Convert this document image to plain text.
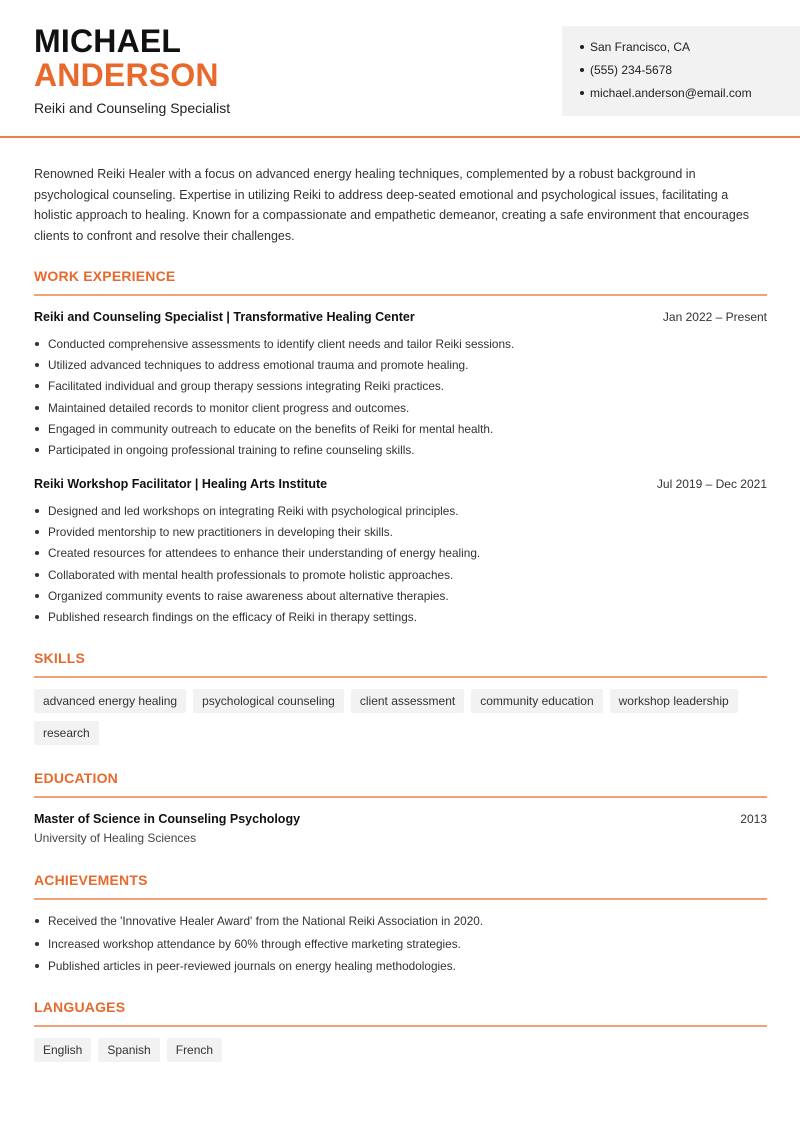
MICHAEL
ANDERSON
Reiki and Counseling Specialist
San Francisco, CA
(555) 234-5678
michael.anderson@email.com
Renowned Reiki Healer with a focus on advanced energy healing techniques, complemented by a robust background in psychological counseling. Expertise in utilizing Reiki to address deep-seated emotional and psychological issues, facilitating a holistic approach to healing. Known for a compassionate and empathetic demeanor, creating a safe environment that encourages clients to confront and resolve their challenges.
WORK EXPERIENCE
Reiki and Counseling Specialist | Transformative Healing Center	Jan 2022 – Present
Conducted comprehensive assessments to identify client needs and tailor Reiki sessions.
Utilized advanced techniques to address emotional trauma and promote healing.
Facilitated individual and group therapy sessions integrating Reiki practices.
Maintained detailed records to monitor client progress and outcomes.
Engaged in community outreach to educate on the benefits of Reiki for mental health.
Participated in ongoing professional training to refine counseling skills.
Reiki Workshop Facilitator | Healing Arts Institute	Jul 2019 – Dec 2021
Designed and led workshops on integrating Reiki with psychological principles.
Provided mentorship to new practitioners in developing their skills.
Created resources for attendees to enhance their understanding of energy healing.
Collaborated with mental health professionals to promote holistic approaches.
Organized community events to raise awareness about alternative therapies.
Published research findings on the efficacy of Reiki in therapy settings.
SKILLS
advanced energy healing	psychological counseling	client assessment	community education	workshop leadership
research
EDUCATION
Master of Science in Counseling Psychology	2013
University of Healing Sciences
ACHIEVEMENTS
Received the 'Innovative Healer Award' from the National Reiki Association in 2020.
Increased workshop attendance by 60% through effective marketing strategies.
Published articles in peer-reviewed journals on energy healing methodologies.
LANGUAGES
English	Spanish	French
